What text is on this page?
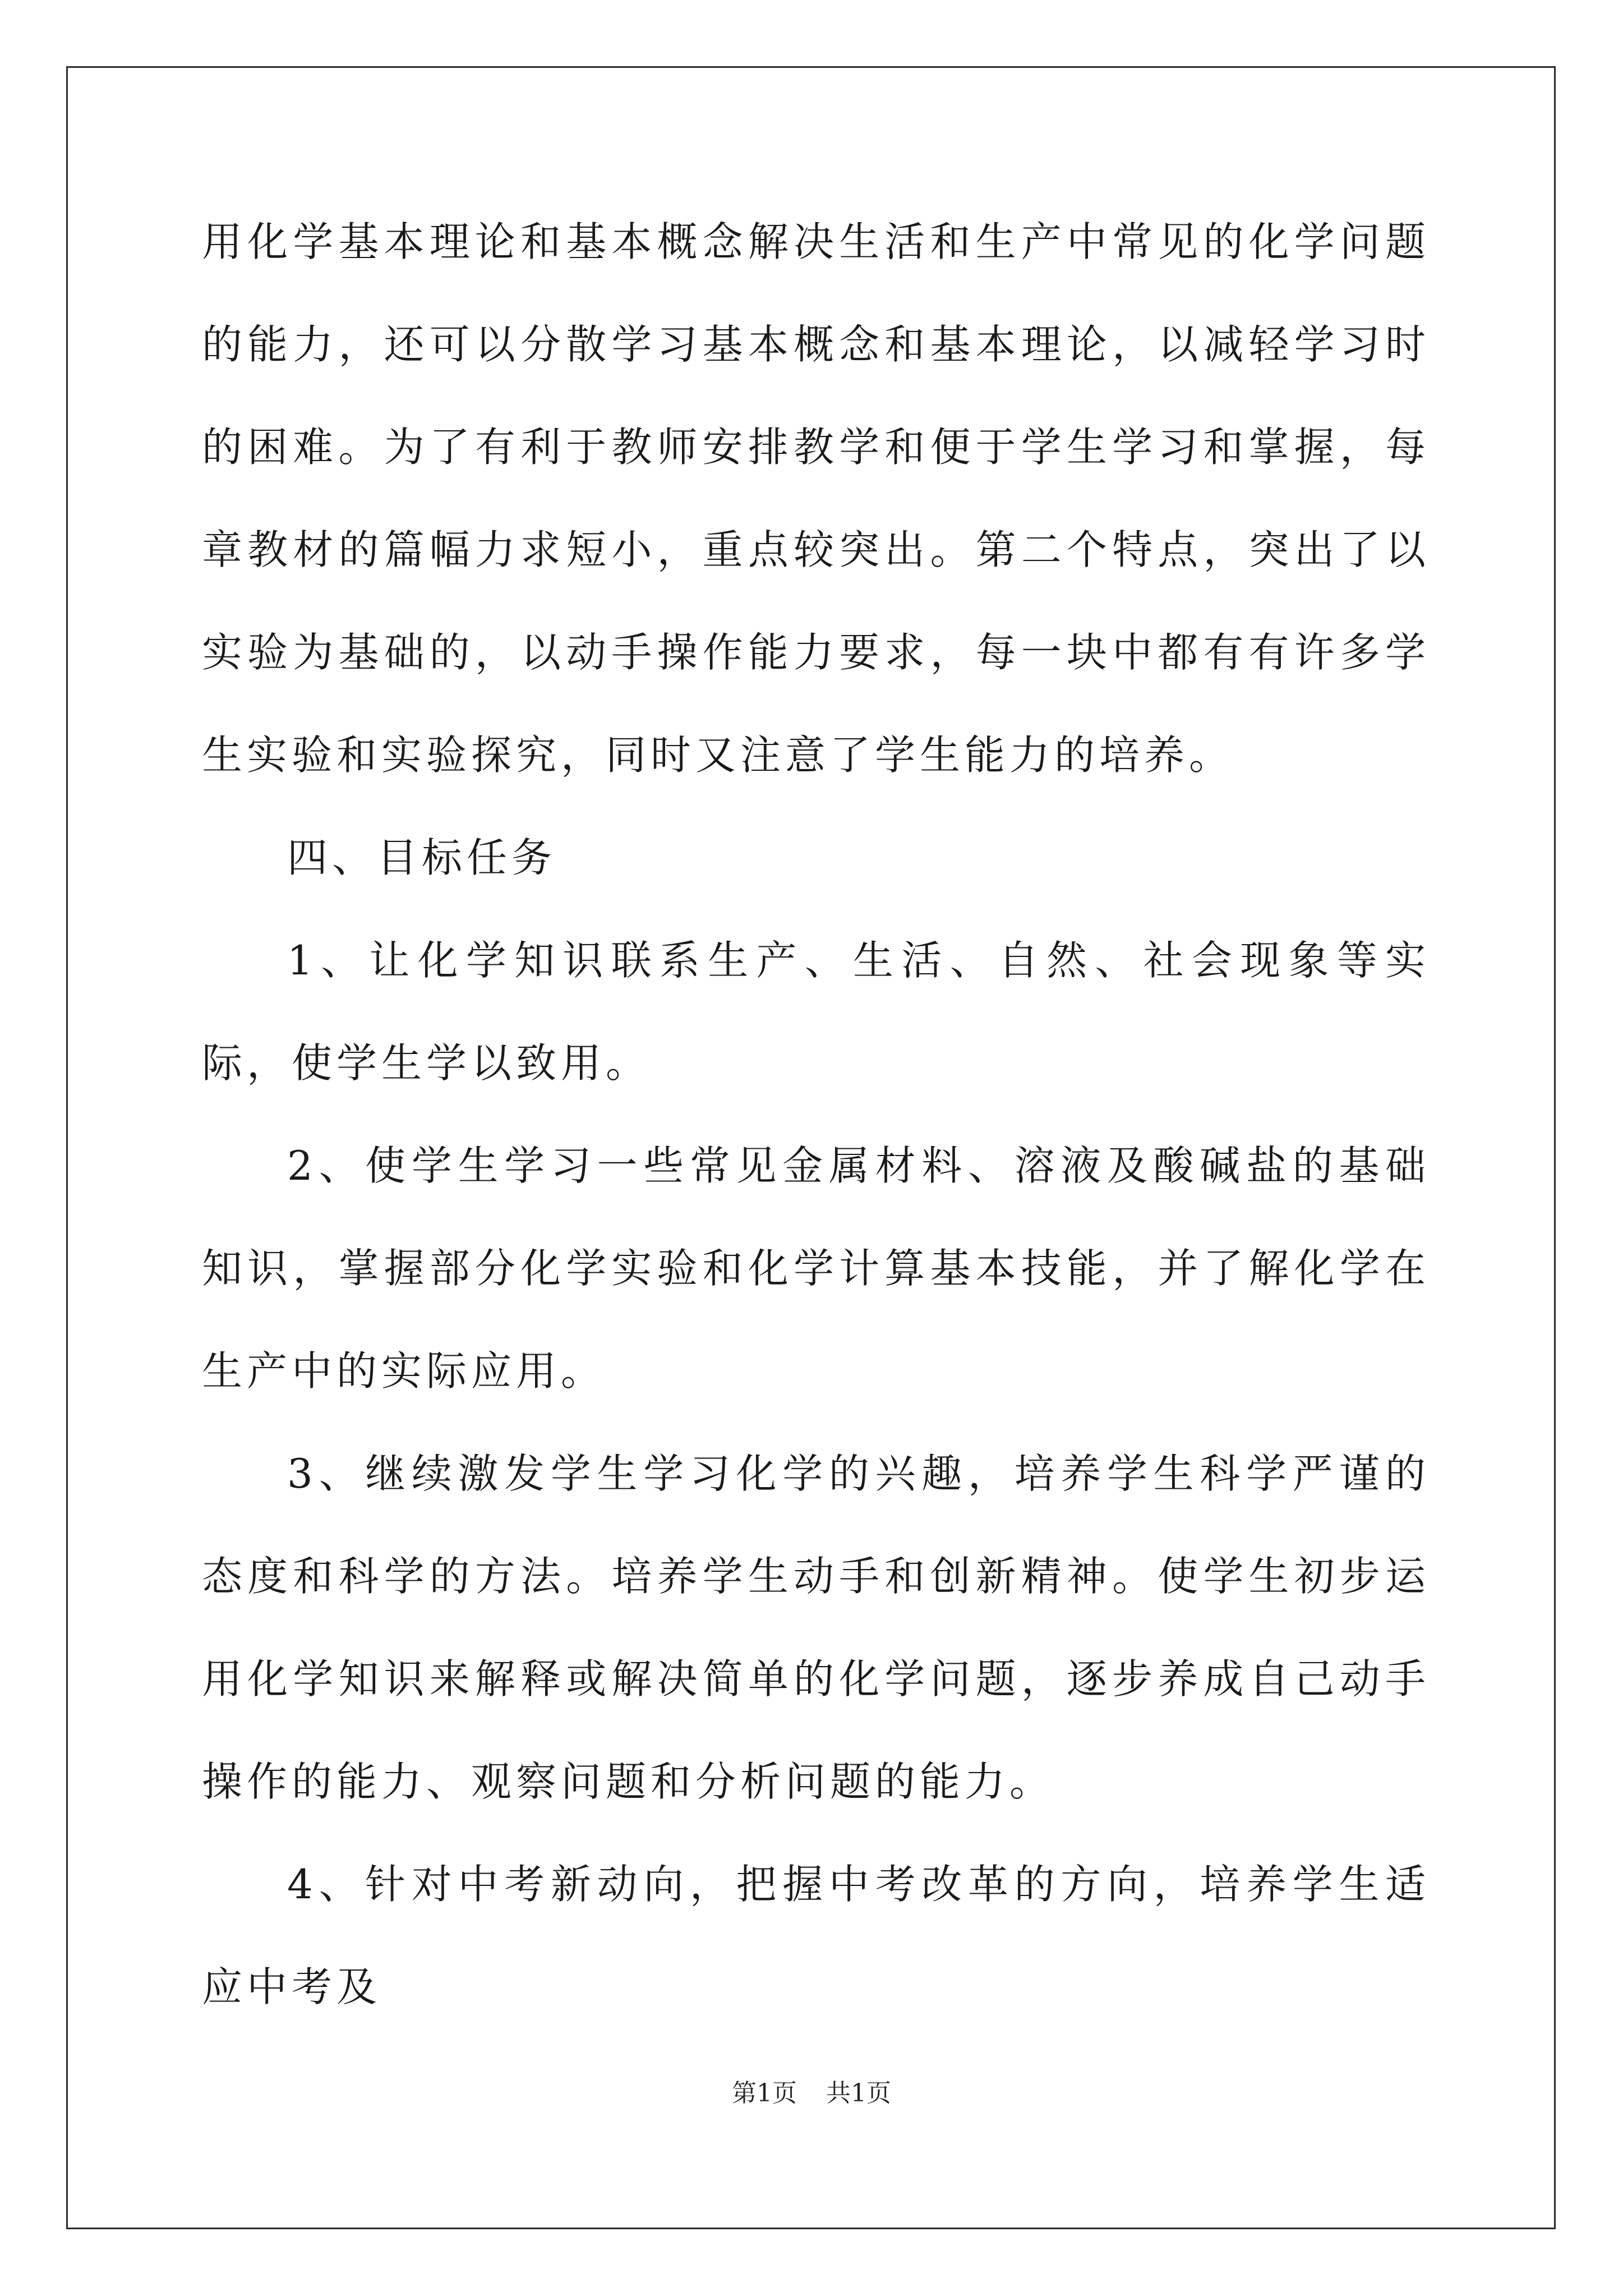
用化学基本理论和基本概念解决生活和生产中常见的化学问题的能力，还可以分散学习基本概念和基本理论，以减轻学习时的困难。为了有利于教师安排教学和便于学生学习和掌握，每章教材的篇幅力求短小，重点较突出。第二个特点，突出了以实验为基础的，以动手操作能力要求，每一块中都有有许多学生实验和实验探究，同时又注意了学生能力的培养。

四、目标任务

1、让化学知识联系生产、生活、自然、社会现象等实际，使学生学以致用。

2、使学生学习一些常见金属材料、溶液及酸碱盐的基础知识，掌握部分化学实验和化学计算基本技能，并了解化学在生产中的实际应用。

3、继续激发学生学习化学的兴趣，培养学生科学严谨的态度和科学的方法。培养学生动手和创新精神。使学生初步运用化学知识来解释或解决简单的化学问题，逐步养成自己动手操作的能力、观察问题和分析问题的能力。

4、针对中考新动向，把握中考改革的方向，培养学生适应中考及

第1页 共1页
